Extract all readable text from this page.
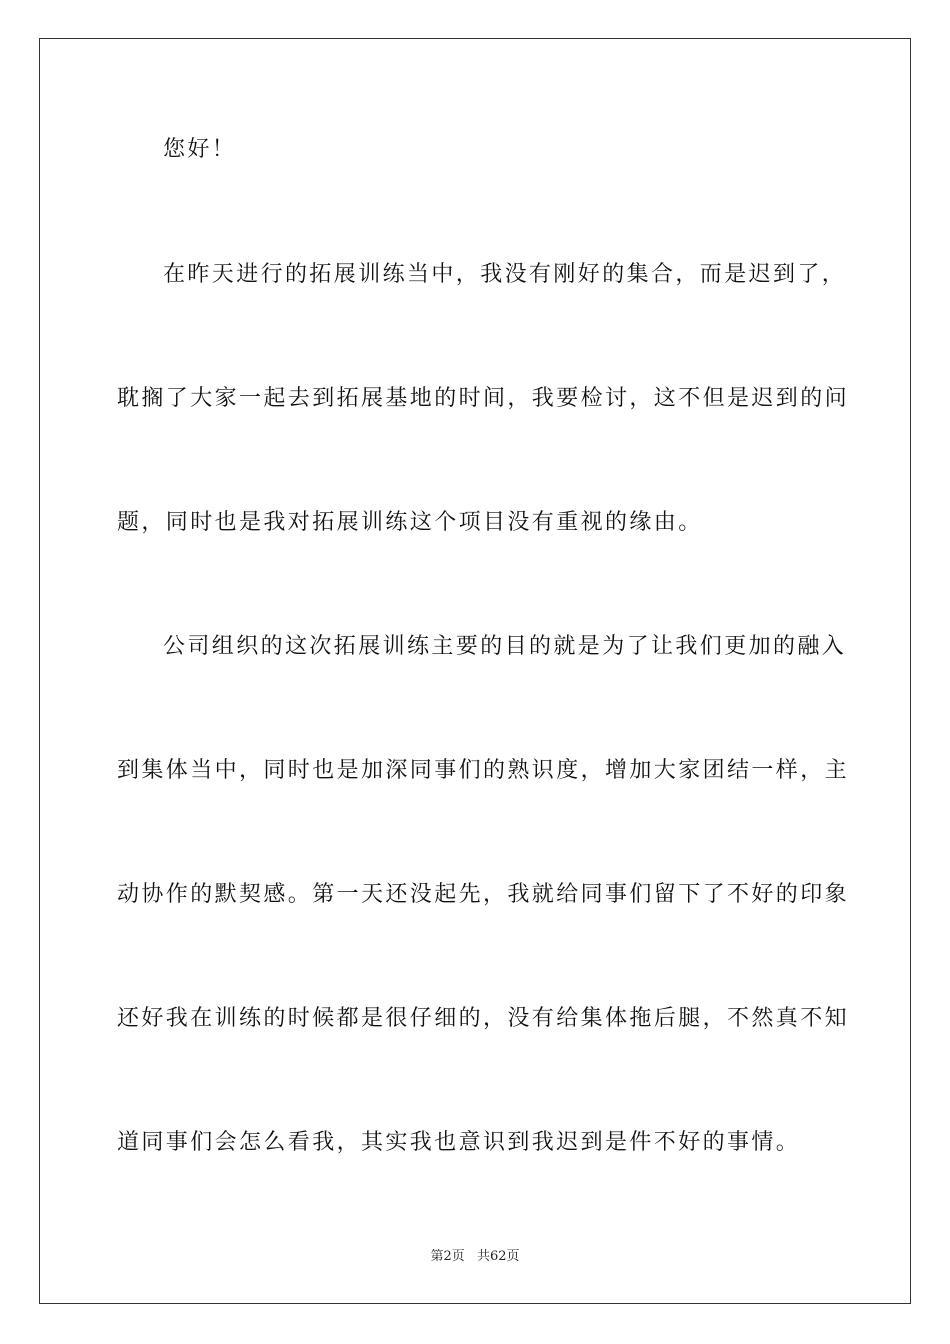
您好！
在昨天进行的拓展训练当中，我没有刚好的集合，而是迟到了，
耽搁了大家一起去到拓展基地的时间，我要检讨，这不但是迟到的问
题，同时也是我对拓展训练这个项目没有重视的缘由。
公司组织的这次拓展训练主要的目的就是为了让我们更加的融入
到集体当中，同时也是加深同事们的熟识度，增加大家团结一样，主
动协作的默契感。第一天还没起先，我就给同事们留下了不好的印象
还好我在训练的时候都是很仔细的，没有给集体拖后腿，不然真不知
道同事们会怎么看我，其实我也意识到我迟到是件不好的事情。
第2页 共62页
